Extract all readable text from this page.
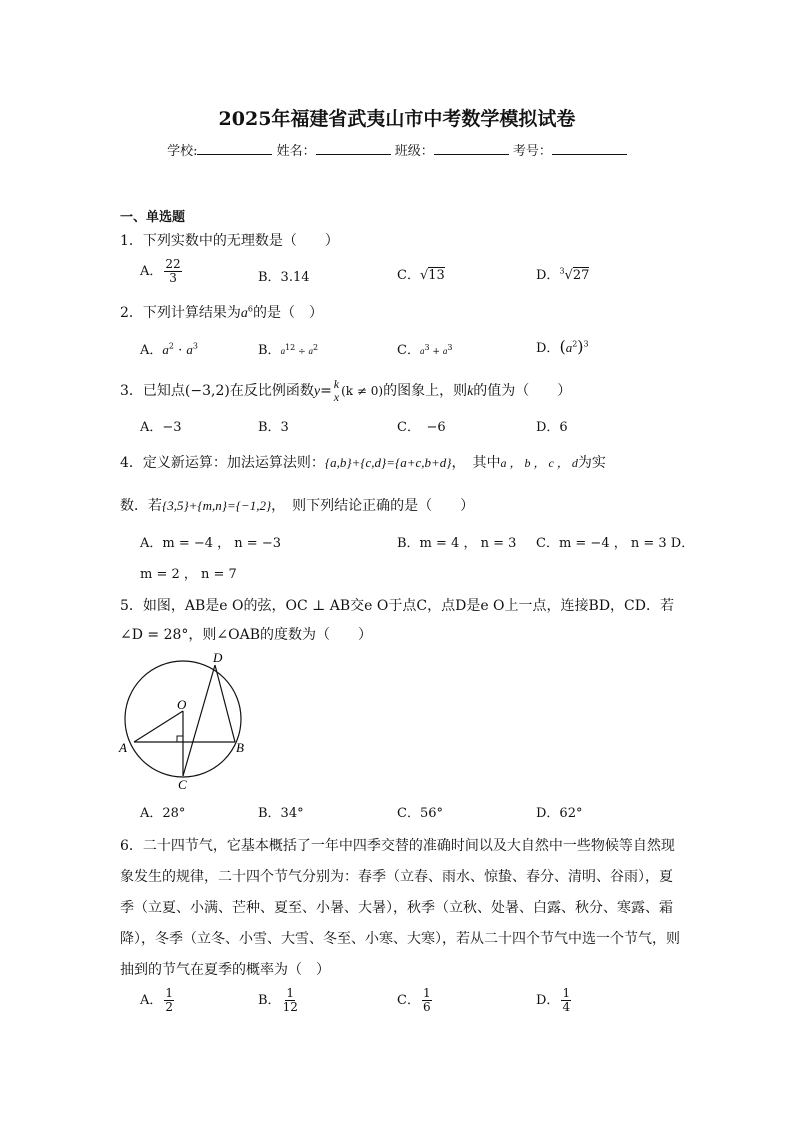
2025年福建省武夷山市中考数学模拟试卷
学校:	姓名：	班级：	考号：
一、单选题
1．下列实数中的无理数是（　　）
A． $\frac{22}{3}$	B．3.14	C．√13	D．$^3$√27
2．下列计算结果为$a^6$的是（　）
A．$a^2 \cdot a^3$	B．$a^{12} \div a^2$	C．$a^3 + a^3$	D．$(a^2)^3$
3．已知点(−3,2)在反比例函数y= k
x (k ≠ 0)的图象上，则k的值为（　　）
A．−3	B．3	C．　−6	D．6
4．定义新运算：加法运算法则：{a,b}+{c,d}={a+c,b+d}，　其中a ， b ， c ， d为实
数．若{3,5}+{m,n}={−1,2}，　则下列结论正确的是（　　）
A．m = −4 ， n = −3	B．m = 4 ， n = 3 C．m = −4 ， n = 3 D．
m = 2 ， n = 7
5．如图，AB是e O的弦，OC ⊥ AB交e O于点C，点D是e O上一点，连接BD，CD．若
∠D = 28°，则∠OAB的度数为（　　）
D
O
A	B
C
A．28°	B．34°	C．56°	D．62°
6．二十四节气，它基本概括了一年中四季交替的准确时间以及大自然中一些物候等自然现
象发生的规律，二十四个节气分别为：春季（立春、雨水、惊蛰、春分、清明、谷雨），夏
季（立夏、小满、芒种、夏至、小暑、大暑），秋季（立秋、处暑、白露、秋分、寒露、霜
降），冬季（立冬、小雪、大雪、冬至、小寒、大寒），若从二十四个节气中选一个节气，则
抽到的节气在夏季的概率为（　）
A． $\frac{1}{2}$	B． $\frac{1}{12}$	C． $\frac{1}{6}$	D． $\frac{1}{4}$
